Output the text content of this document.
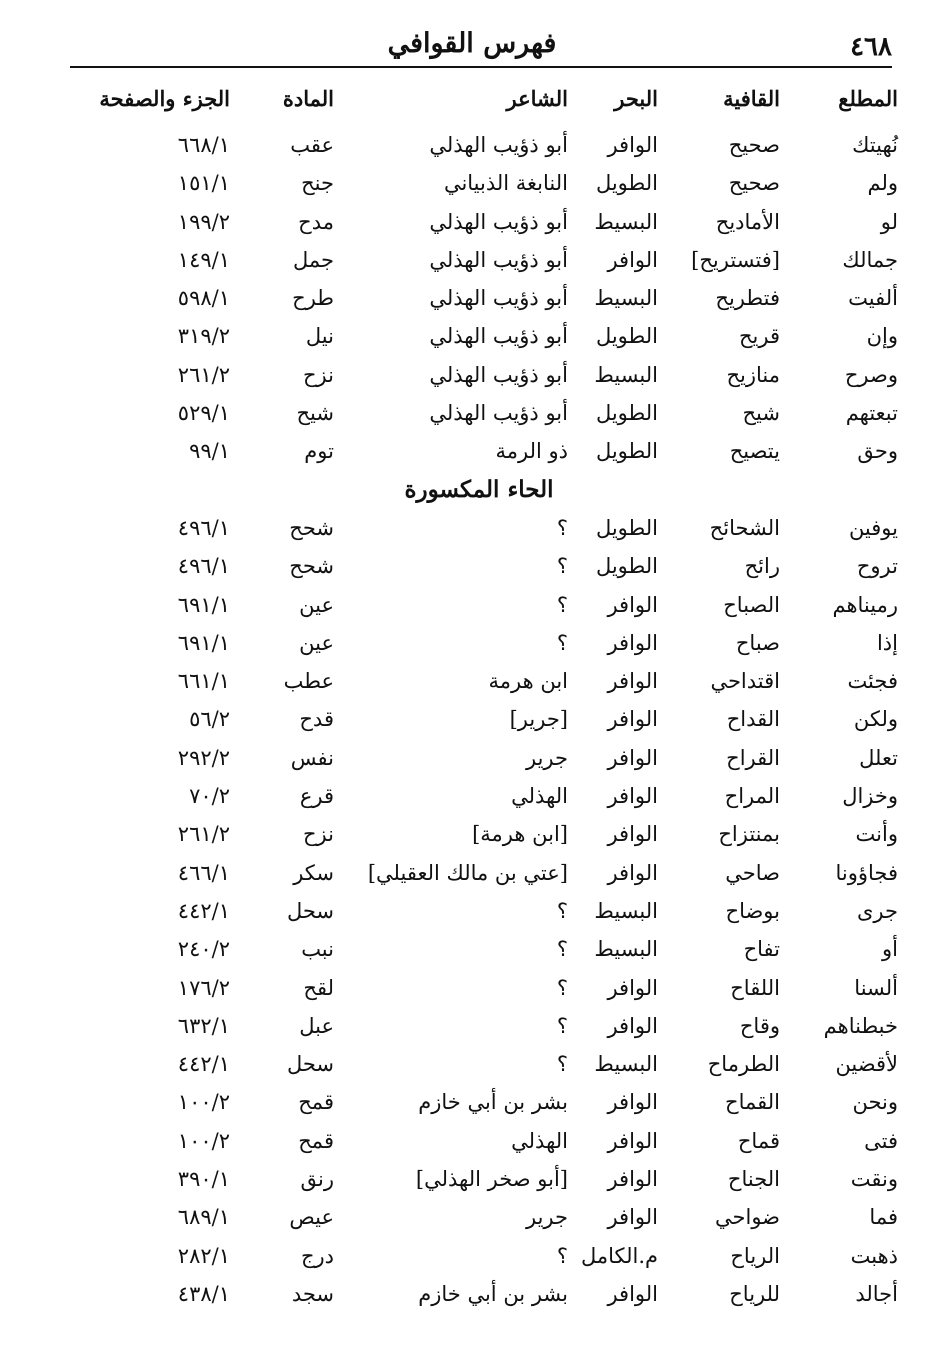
فهرس القوافي	٤٦٨
المطلع
القافية
البحر
الشاعر
المادة
الجزء والصفحة
نُهيتك
صحيح
الوافر
أبو ذؤيب الهذلي
عقب
٦٦٨/١
ولم
صحيح
الطويل
النابغة الذبياني
جنح
١٥١/١
لو
الأماديح
البسيط
أبو ذؤيب الهذلي
مدح
١٩٩/٢
جمالك
[فتستريح]
الوافر
أبو ذؤيب الهذلي
جمل
١٤٩/١
ألفيت
فتطريح
البسيط
أبو ذؤيب الهذلي
طرح
٥٩٨/١
وإن
قريح
الطويل
أبو ذؤيب الهذلي
نيل
٣١٩/٢
وصرح
منازيح
البسيط
أبو ذؤيب الهذلي
نزح
٢٦١/٢
تبعتهم
شيح
الطويل
أبو ذؤيب الهذلي
شيح
٥٢٩/١
وحق
يتصيح
الطويل
ذو الرمة
توم
٩٩/١
الحاء المكسورة
يوفين
الشحائح
الطويل
؟
شحح
٤٩٦/١
تروح
رائح
الطويل
؟
شحح
٤٩٦/١
رميناهم
الصباح
الوافر
؟
عين
٦٩١/١
إذا
صباح
الوافر
؟
عين
٦٩١/١
فجئت
اقتداحي
الوافر
ابن هرمة
عطب
٦٦١/١
ولكن
القداح
الوافر
[جرير]
قدح
٥٦/٢
تعلل
القراح
الوافر
جرير
نفس
٢٩٢/٢
وخزال
المراح
الوافر
الهذلي
قرع
٧٠/٢
وأنت
بمنتزاح
الوافر
[ابن هرمة]
نزح
٢٦١/٢
فجاؤونا
صاحي
الوافر
[عتي بن مالك العقيلي]
سكر
٤٦٦/١
جرى
بوضاح
البسيط
؟
سحل
٤٤٢/١
أو
تفاح
البسيط
؟
نبب
٢٤٠/٢
ألسنا
اللقاح
الوافر
؟
لقح
١٧٦/٢
خبطناهم
وقاح
الوافر
؟
عبل
٦٣٢/١
لأقضين
الطرماح
البسيط
؟
سحل
٤٤٢/١
ونحن
القماح
الوافر
بشر بن أبي خازم
قمح
١٠٠/٢
فتى
قماح
الوافر
الهذلي
قمح
١٠٠/٢
ونقت
الجناح
الوافر
[أبو صخر الهذلي]
رنق
٣٩٠/١
فما
ضواحي
الوافر
جرير
عيص
٦٨٩/١
ذهبت
الرياح
م.الكامل
؟
درج
٢٨٢/١
أجالد
للرياح
الوافر
بشر بن أبي خازم
سجد
٤٣٨/١
